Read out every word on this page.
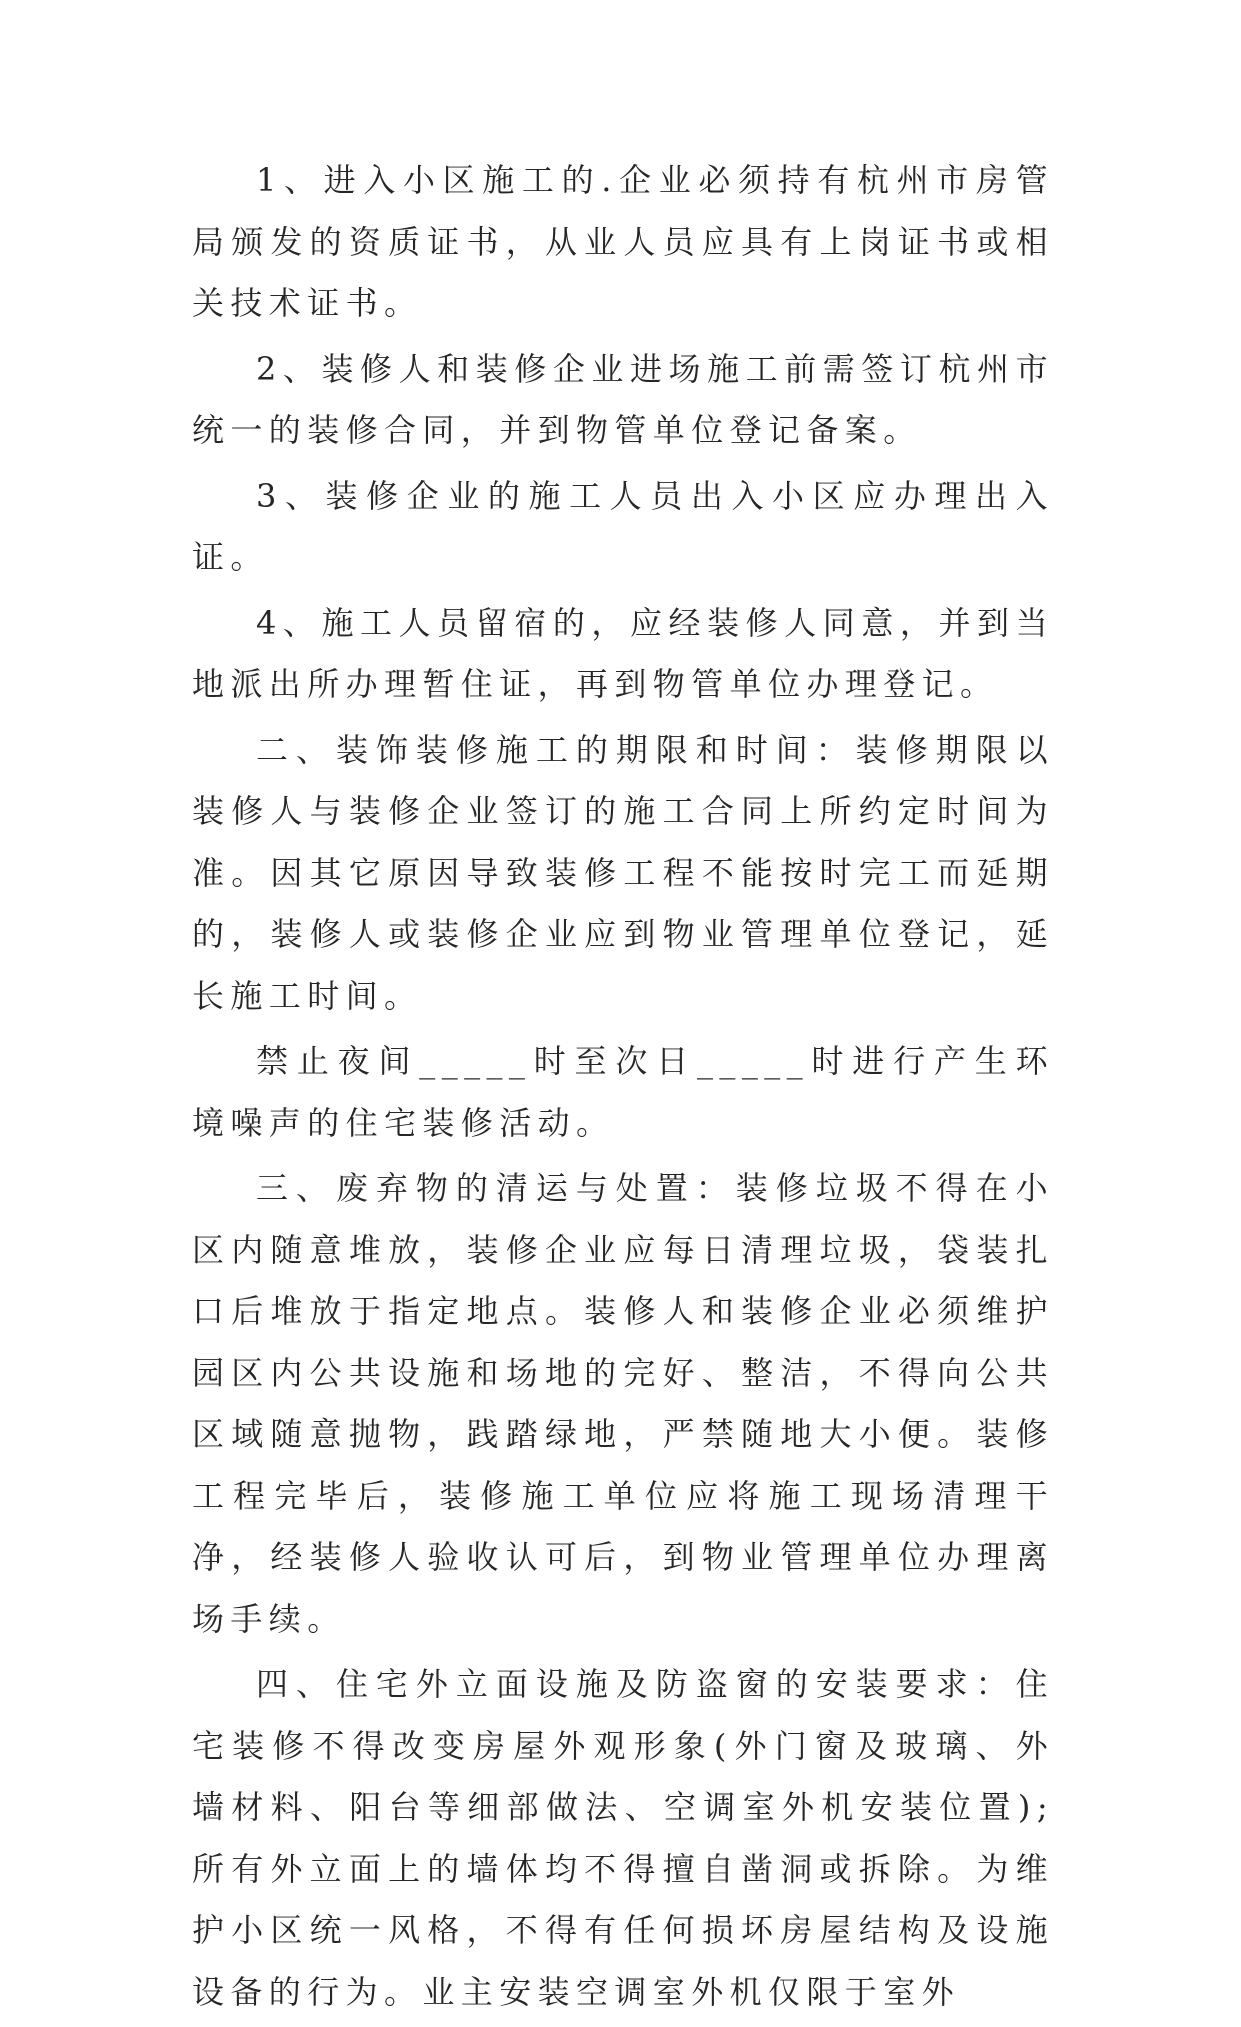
1、进入小区施工的.企业必须持有杭州市房管局颁发的资质证书，从业人员应具有上岗证书或相关技术证书。

2、装修人和装修企业进场施工前需签订杭州市统一的装修合同，并到物管单位登记备案。

3、装修企业的施工人员出入小区应办理出入证。

4、施工人员留宿的，应经装修人同意，并到当地派出所办理暂住证，再到物管单位办理登记。

二、装饰装修施工的期限和时间：装修期限以装修人与装修企业签订的施工合同上所约定时间为准。因其它原因导致装修工程不能按时完工而延期的，装修人或装修企业应到物业管理单位登记，延长施工时间。

禁止夜间_____时至次日_____时进行产生环境噪声的住宅装修活动。

三、废弃物的清运与处置：装修垃圾不得在小区内随意堆放，装修企业应每日清理垃圾，袋装扎口后堆放于指定地点。装修人和装修企业必须维护园区内公共设施和场地的完好、整洁，不得向公共区域随意抛物，践踏绿地，严禁随地大小便。装修工程完毕后，装修施工单位应将施工现场清理干净，经装修人验收认可后，到物业管理单位办理离场手续。

四、住宅外立面设施及防盗窗的安装要求：住宅装修不得改变房屋外观形象(外门窗及玻璃、外墙材料、阳台等细部做法、空调室外机安装位置);所有外立面上的墙体均不得擅自凿洞或拆除。为维护小区统一风格，不得有任何损坏房屋结构及设施设备的行为。业主安装空调室外机仅限于室外
